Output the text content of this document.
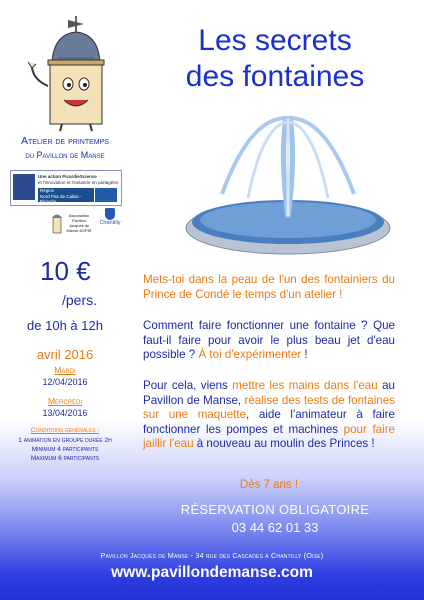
Les secrets
des fontaines
Atelier de printemps
du Pavillon de Manse
Une action PicardieScience
et l'innovation et l'industrie en partagées
Région
Nord Pas de Calais - Picardie
Association Pavillon Jacques de Manse ASPIR
Chantilly
10 €
/pers.
de 10h à 12h
avril 2016
Mardi
12/04/2016
Mercredi
13/04/2016
Conditions générales :
1 animation en groupe durée 2h
Minimum 4 participants
Maximum 6 participants
Mets-toi dans la peau de l'un des fontainiers du Prince de Condé le temps d'un atelier !
Comment faire fonctionner une fontaine ? Que faut-il faire pour avoir le plus beau jet d'eau possible ? À toi d'expérimenter !
Pour cela, viens mettre les mains dans l'eau au Pavillon de Manse, réalise des tests de fontaines sur une maquette, aide l'animateur à faire fonctionner les pompes et machines pour faire jaillir l'eau à nouveau au moulin des Princes !
Dès 7 ans !
RÉSERVATION OBLIGATOIRE
03 44 62 01 33
Pavillon Jacques de Manse - 34 rue des Cascades à Chantilly (Oise)
www.pavillondemanse.com
